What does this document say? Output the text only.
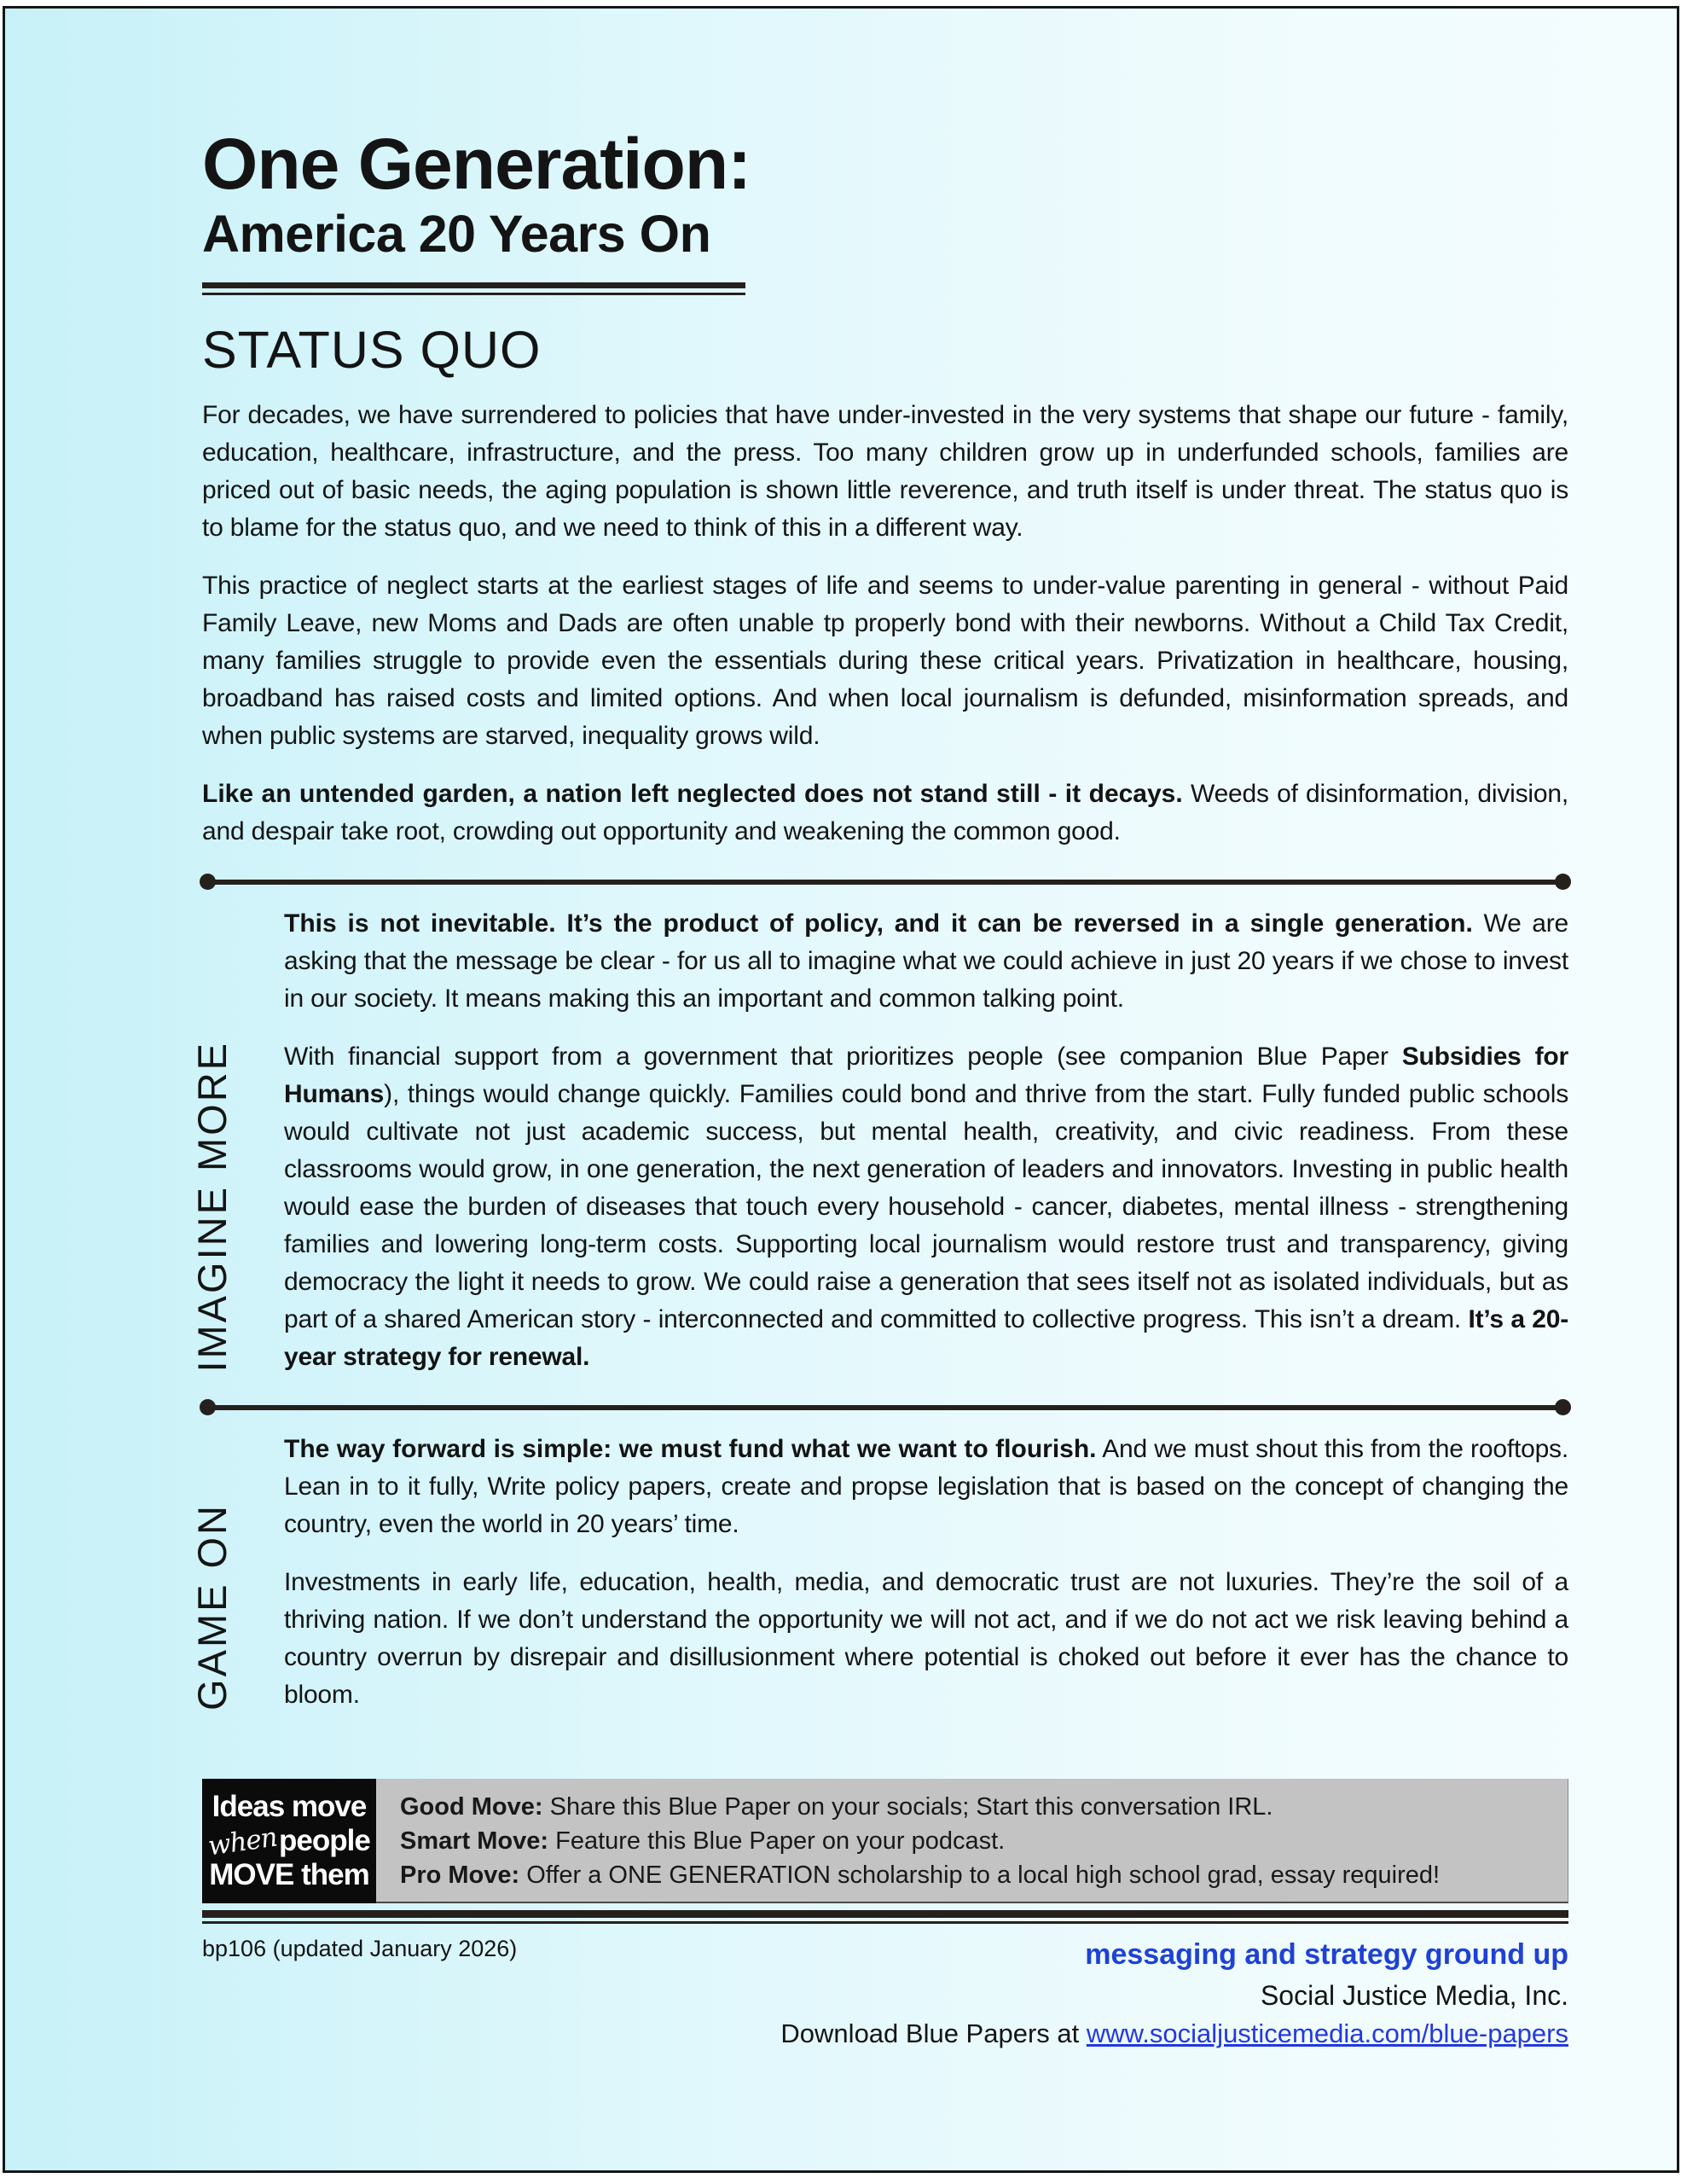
One Generation:
America 20 Years On
STATUS QUO

For decades, we have surrendered to policies that have under-invested in the very systems that shape our future - family, education, healthcare, infrastructure, and the press. Too many children grow up in underfunded schools, families are priced out of basic needs, the aging population is shown little reverence, and truth itself is under threat. The status quo is to blame for the status quo, and we need to think of this in a different way.

This practice of neglect starts at the earliest stages of life and seems to under-value parenting in general - without Paid Family Leave, new Moms and Dads are often unable tp properly bond with their newborns. Without a Child Tax Credit, many families struggle to provide even the essentials during these critical years. Privatization in healthcare, housing, broadband has raised costs and limited options. And when local journalism is defunded, misinformation spreads, and when public systems are starved, inequality grows wild.

Like an untended garden, a nation left neglected does not stand still - it decays. Weeds of disinformation, division, and despair take root, crowding out opportunity and weakening the common good.

IMAGINE MORE

This is not inevitable. It’s the product of policy, and it can be reversed in a single generation. We are asking that the message be clear - for us all to imagine what we could achieve in just 20 years if we chose to invest in our society. It means making this an important and common talking point.

With financial support from a government that prioritizes people (see companion Blue Paper Subsidies for Humans), things would change quickly. Families could bond and thrive from the start. Fully funded public schools would cultivate not just academic success, but mental health, creativity, and civic readiness. From these classrooms would grow, in one generation, the next generation of leaders and innovators. Investing in public health would ease the burden of diseases that touch every household - cancer, diabetes, mental illness - strengthening families and lowering long-term costs. Supporting local journalism would restore trust and transparency, giving democracy the light it needs to grow. We could raise a generation that sees itself not as isolated individuals, but as part of a shared American story - interconnected and committed to collective progress. This isn’t a dream. It’s a 20-year strategy for renewal.

GAME ON

The way forward is simple: we must fund what we want to flourish. And we must shout this from the rooftops. Lean in to it fully, Write policy papers, create and propse legislation that is based on the concept of changing the country, even the world in 20 years’ time.

Investments in early life, education, health, media, and democratic trust are not luxuries. They’re the soil of a thriving nation. If we don’t understand the opportunity we will not act, and if we do not act we risk leaving behind a country overrun by disrepair and disillusionment where potential is choked out before it ever has the chance to bloom.

Ideas move
whenpeople
MOVE them
Good Move: Share this Blue Paper on your socials; Start this conversation IRL.
Smart Move: Feature this Blue Paper on your podcast.
Pro Move: Offer a ONE GENERATION scholarship to a local high school grad, essay required!
bp106 (updated January 2026)	messaging and strategy ground up
Social Justice Media, Inc.
Download Blue Papers at www.socialjusticemedia.com/blue-papers
